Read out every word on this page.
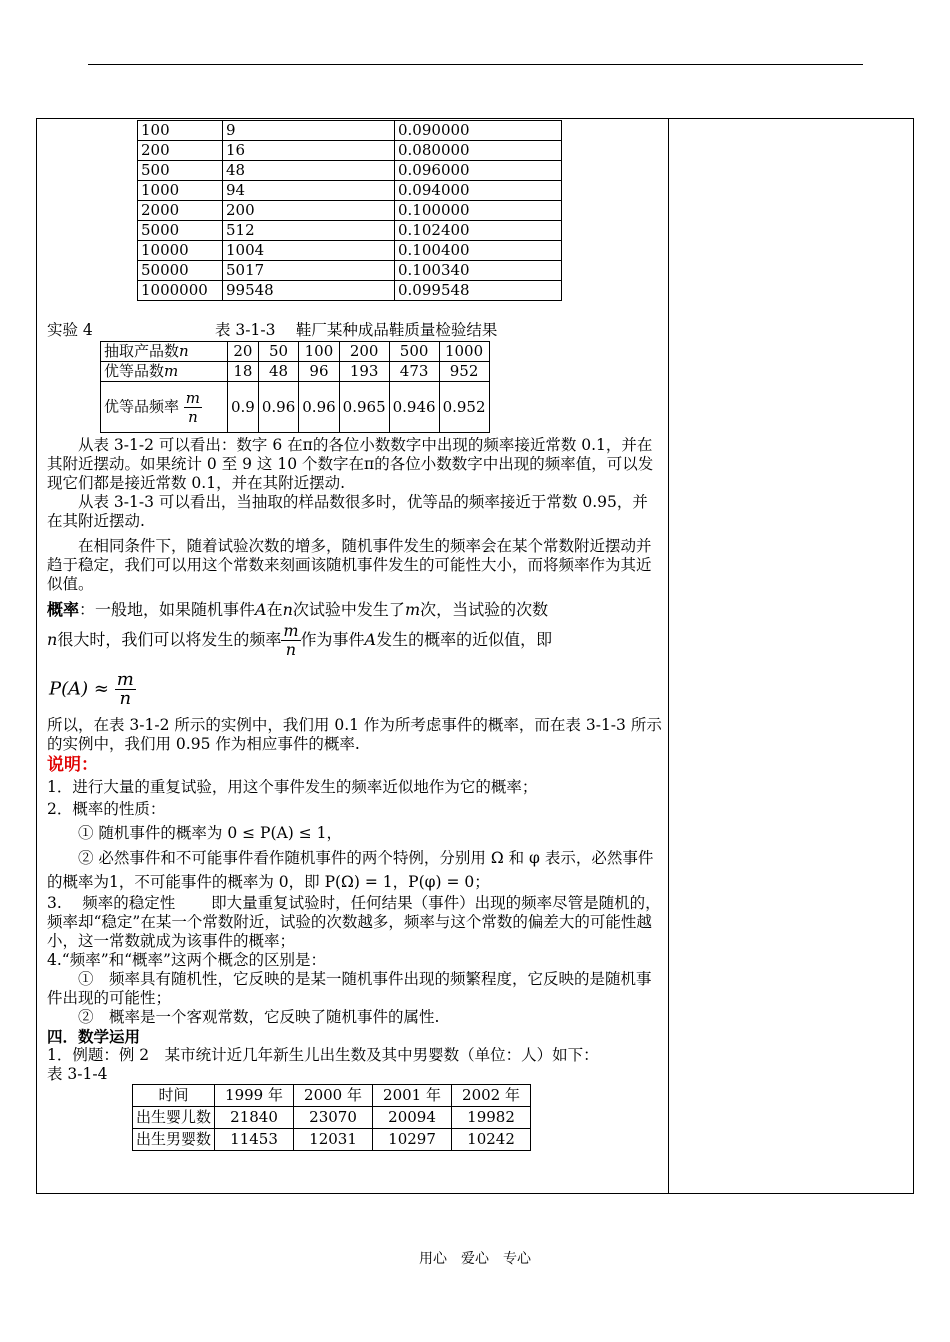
100	9	0.090000
200	16	0.080000
500	48	0.096000
1000	94	0.094000
2000	200	0.100000
5000	512	0.102400
10000	1004	0.100400
50000	5017	0.100340
1000000	99548	0.099548
实验 4	表 3-1-3　 鞋厂某种成品鞋质量检验结果
抽取产品数n	20	50	100	200	500	1000
优等品数m	18	48	96	193	473	952
优等品频率 $\frac{m}{n}$	0.9	0.96	0.96	0.965	0.946	0.952

从表 3-1-2 可以看出：数字 6 在π的各位小数数字中出现的频率接近常数 0.1，并在其附近摆动。如果统计 0 至 9 这 10 个数字在π的各位小数数字中出现的频率值，可以发现它们都是接近常数 0.1，并在其附近摆动.

从表 3-1-3 可以看出，当抽取的样品数很多时，优等品的频率接近于常数 0.95，并在其附近摆动.

在相同条件下，随着试验次数的增多，随机事件发生的频率会在某个常数附近摆动并趋于稳定，我们可以用这个常数来刻画该随机事件发生的可能性大小，而将频率作为其近似值。

概率：一般地，如果随机事件A在n次试验中发生了m次，当试验的次数
n很大时，我们可以将发生的频率 $\frac{m}{n}$ 作为事件A发生的概率的近似值，即

$P(A) \approx \frac{m}{n}$

所以，在表 3-1-2 所示的实例中，我们用 0.1 作为所考虑事件的概率，而在表 3-1-3 所示的实例中，我们用 0.95 作为相应事件的概率.

说明：

1．进行大量的重复试验，用这个事件发生的频率近似地作为它的概率；

2．概率的性质：

① 随机事件的概率为 0 ≤ P(A) ≤ 1，

② 必然事件和不可能事件看作随机事件的两个特例，分别用 Ω 和 φ 表示，必然事件的概率为1，不可能事件的概率为 0，即 P(Ω) = 1，P(φ) = 0；

3.　 频率的稳定性　　 即大量重复试验时，任何结果（事件）出现的频率尽管是随机的，频率却“稳定”在某一个常数附近，试验的次数越多，频率与这个常数的偏差大的可能性越小，这一常数就成为该事件的概率；

4.“频率”和“概率”这两个概念的区别是：

①　频率具有随机性，它反映的是某一随机事件出现的频繁程度，它反映的是随机事件出现的可能性；

②　概率是一个客观常数，它反映了随机事件的属性.

四．数学运用

1．例题：例 2　某市统计近几年新生儿出生数及其中男婴数（单位：人）如下：

表 3-1-4

时间	1999 年	2000 年	2001 年	2002 年
出生婴儿数	21840	23070	20094	19982
出生男婴数	11453	12031	10297	10242
用心　爱心　专心
